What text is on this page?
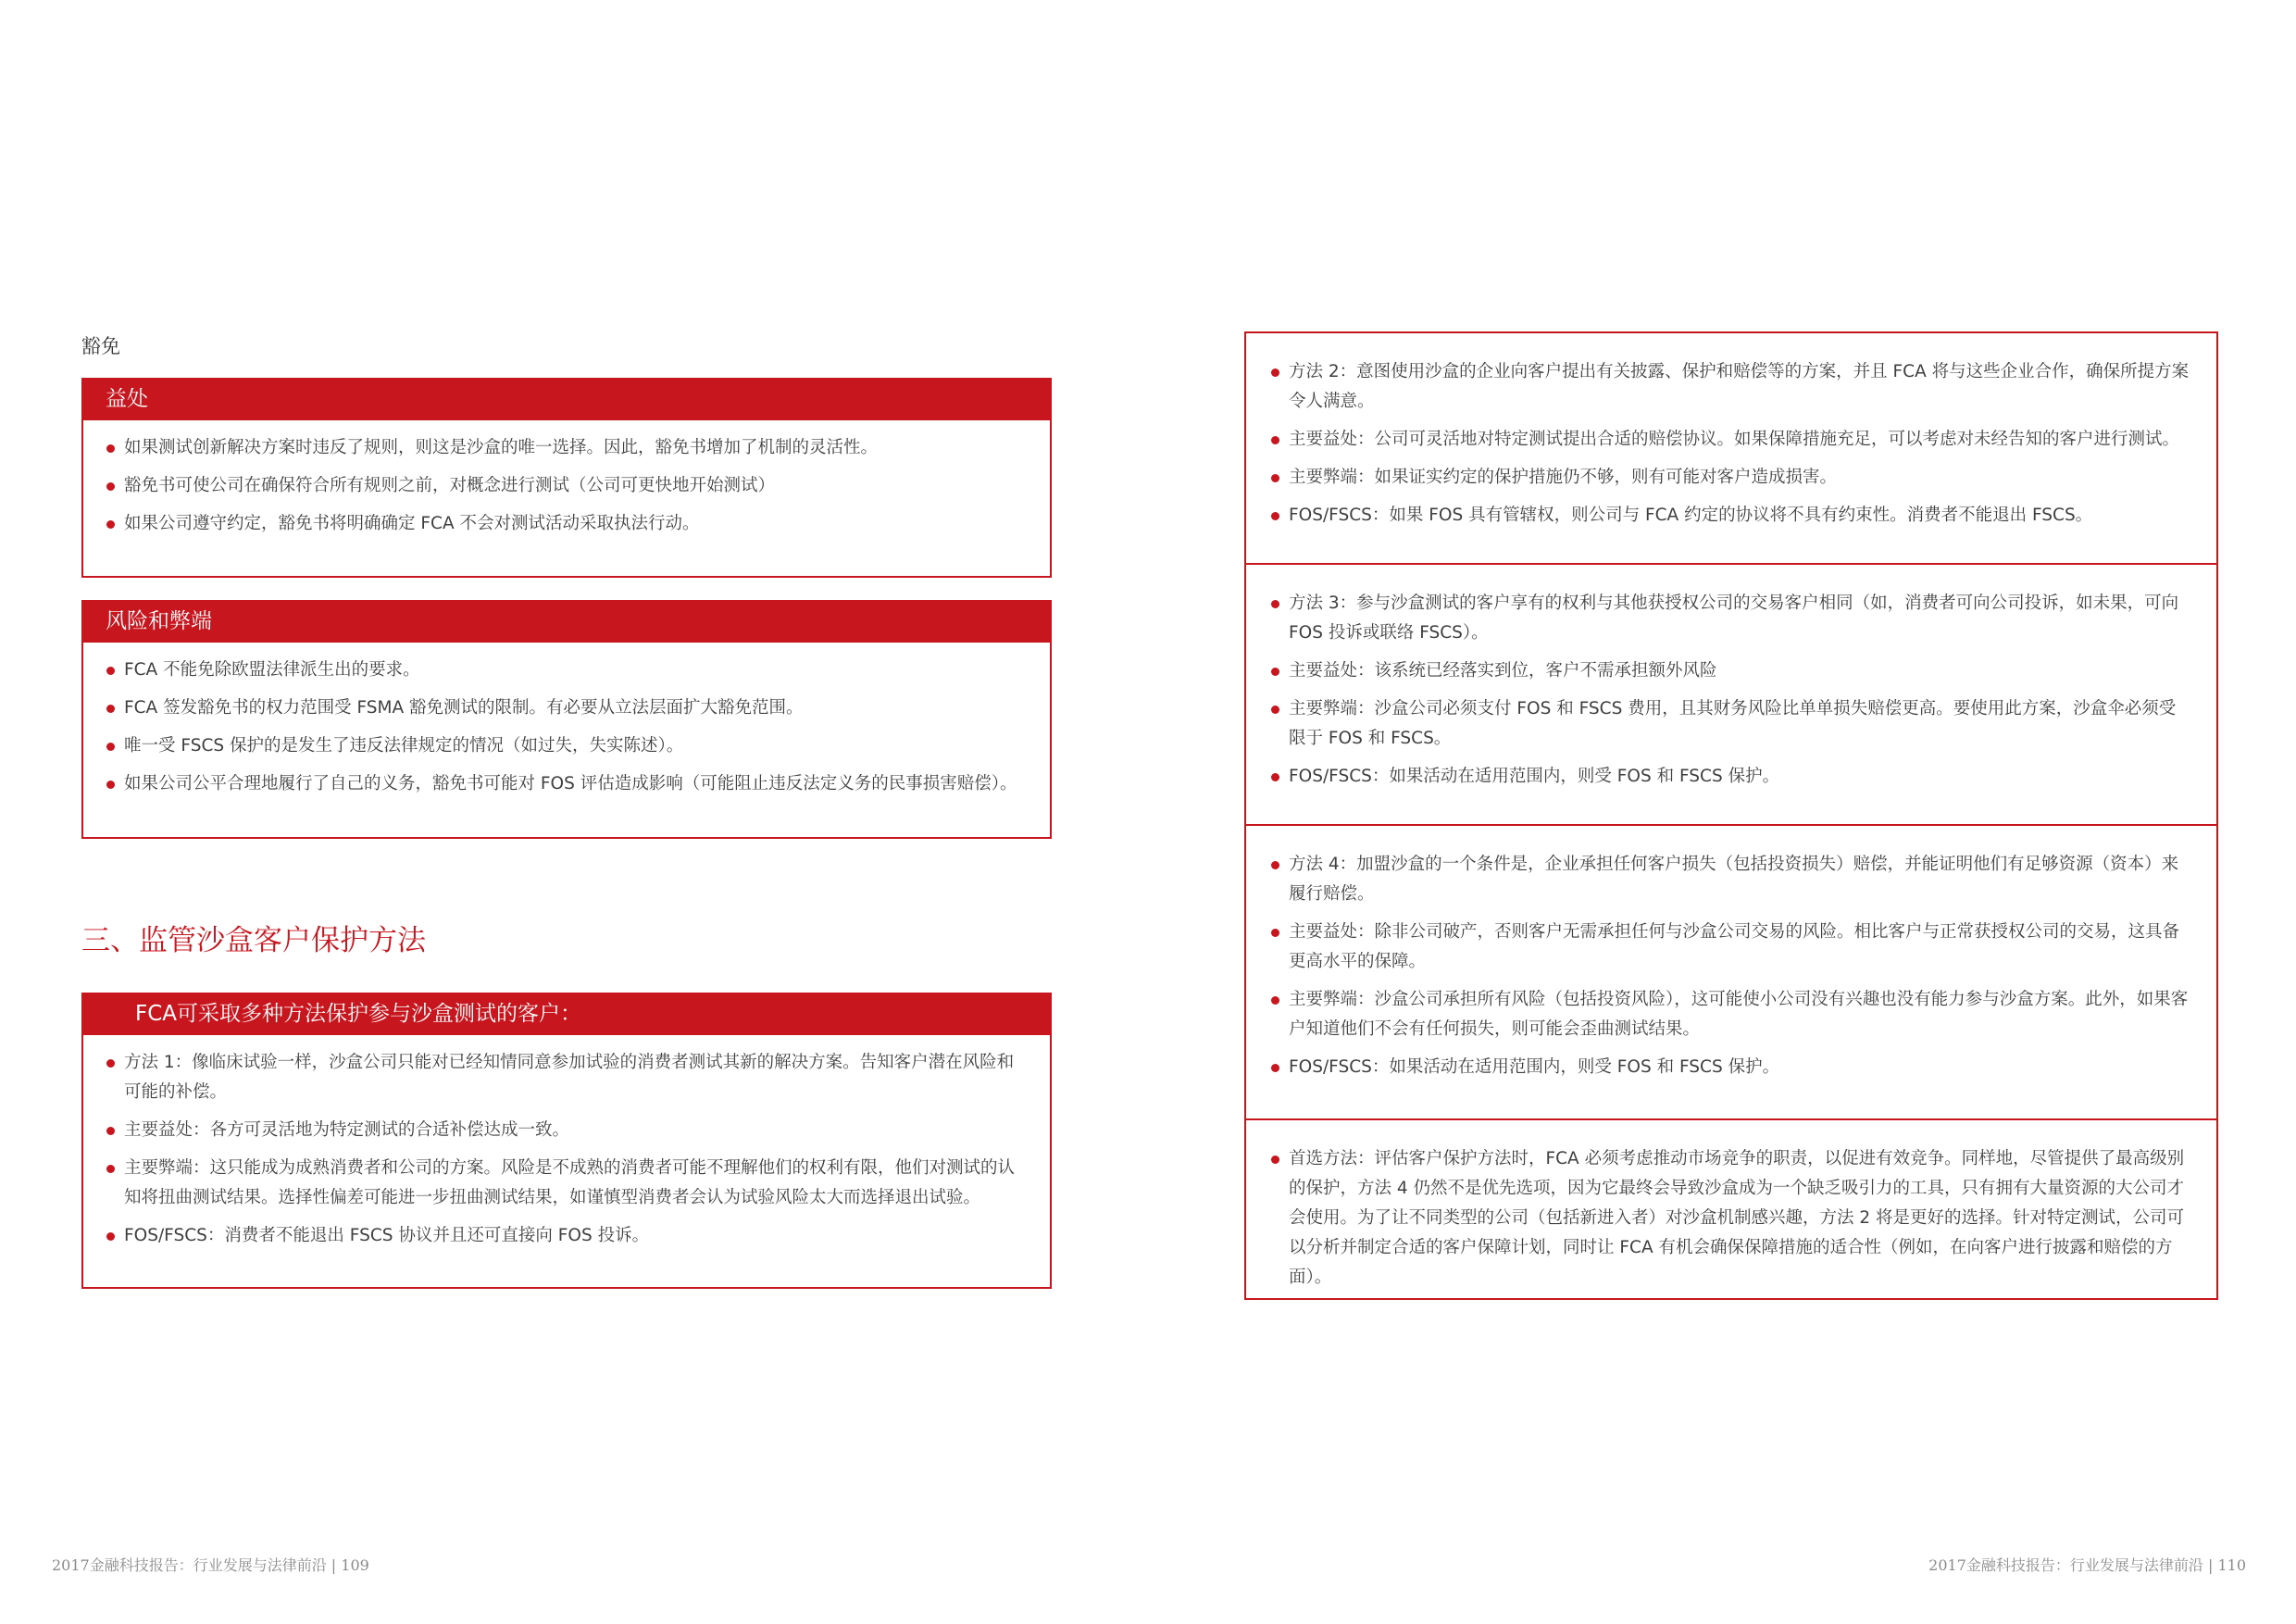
豁免

益处
如果测试创新解决方案时违反了规则，则这是沙盒的唯一选择。因此，豁免书增加了机制的灵活性。
豁免书可使公司在确保符合所有规则之前，对概念进行测试（公司可更快地开始测试）
如果公司遵守约定，豁免书将明确确定 FCA 不会对测试活动采取执法行动。
风险和弊端
FCA 不能免除欧盟法律派生出的要求。
FCA 签发豁免书的权力范围受 FSMA 豁免测试的限制。有必要从立法层面扩大豁免范围。
唯一受 FSCS 保护的是发生了违反法律规定的情况（如过失，失实陈述）。
如果公司公平合理地履行了自己的义务，豁免书可能对 FOS 评估造成影响（可能阻止违反法定义务的民事损害赔偿）。
三、监管沙盒客户保护方法
FCA可采取多种方法保护参与沙盒测试的客户：
方法 1：像临床试验一样，沙盒公司只能对已经知情同意参加试验的消费者测试其新的解决方案。告知客户潜在风险和可能的补偿。
主要益处：各方可灵活地为特定测试的合适补偿达成一致。
主要弊端：这只能成为成熟消费者和公司的方案。风险是不成熟的消费者可能不理解他们的权利有限，他们对测试的认知将扭曲测试结果。选择性偏差可能进一步扭曲测试结果，如谨慎型消费者会认为试验风险太大而选择退出试验。
FOS/FSCS：消费者不能退出 FSCS 协议并且还可直接向 FOS 投诉。
2017金融科技报告：行业发展与法律前沿 | 109
方法 2：意图使用沙盒的企业向客户提出有关披露、保护和赔偿等的方案，并且 FCA 将与这些企业合作，确保所提方案令人满意。
主要益处：公司可灵活地对特定测试提出合适的赔偿协议。如果保障措施充足，可以考虑对未经告知的客户进行测试。
主要弊端：如果证实约定的保护措施仍不够，则有可能对客户造成损害。
FOS/FSCS：如果 FOS 具有管辖权，则公司与 FCA 约定的协议将不具有约束性。消费者不能退出 FSCS。
方法 3：参与沙盒测试的客户享有的权利与其他获授权公司的交易客户相同（如，消费者可向公司投诉，如未果，可向 FOS 投诉或联络 FSCS）。
主要益处：该系统已经落实到位，客户不需承担额外风险
主要弊端：沙盒公司必须支付 FOS 和 FSCS 费用，且其财务风险比单单损失赔偿更高。要使用此方案，沙盒伞必须受限于 FOS 和 FSCS。
FOS/FSCS：如果活动在适用范围内，则受 FOS 和 FSCS 保护。
方法 4：加盟沙盒的一个条件是，企业承担任何客户损失（包括投资损失）赔偿，并能证明他们有足够资源（资本）来履行赔偿。
主要益处：除非公司破产，否则客户无需承担任何与沙盒公司交易的风险。相比客户与正常获授权公司的交易，这具备更高水平的保障。
主要弊端：沙盒公司承担所有风险（包括投资风险），这可能使小公司没有兴趣也没有能力参与沙盒方案。此外，如果客户知道他们不会有任何损失，则可能会歪曲测试结果。
FOS/FSCS：如果活动在适用范围内，则受 FOS 和 FSCS 保护。
首选方法：评估客户保护方法时，FCA 必须考虑推动市场竞争的职责，以促进有效竞争。同样地，尽管提供了最高级别的保护，方法 4 仍然不是优先选项，因为它最终会导致沙盒成为一个缺乏吸引力的工具，只有拥有大量资源的大公司才会使用。为了让不同类型的公司（包括新进入者）对沙盒机制感兴趣，方法 2 将是更好的选择。针对特定测试，公司可以分析并制定合适的客户保障计划，同时让 FCA 有机会确保保障措施的适合性（例如，在向客户进行披露和赔偿的方面）。
2017金融科技报告：行业发展与法律前沿 | 110
